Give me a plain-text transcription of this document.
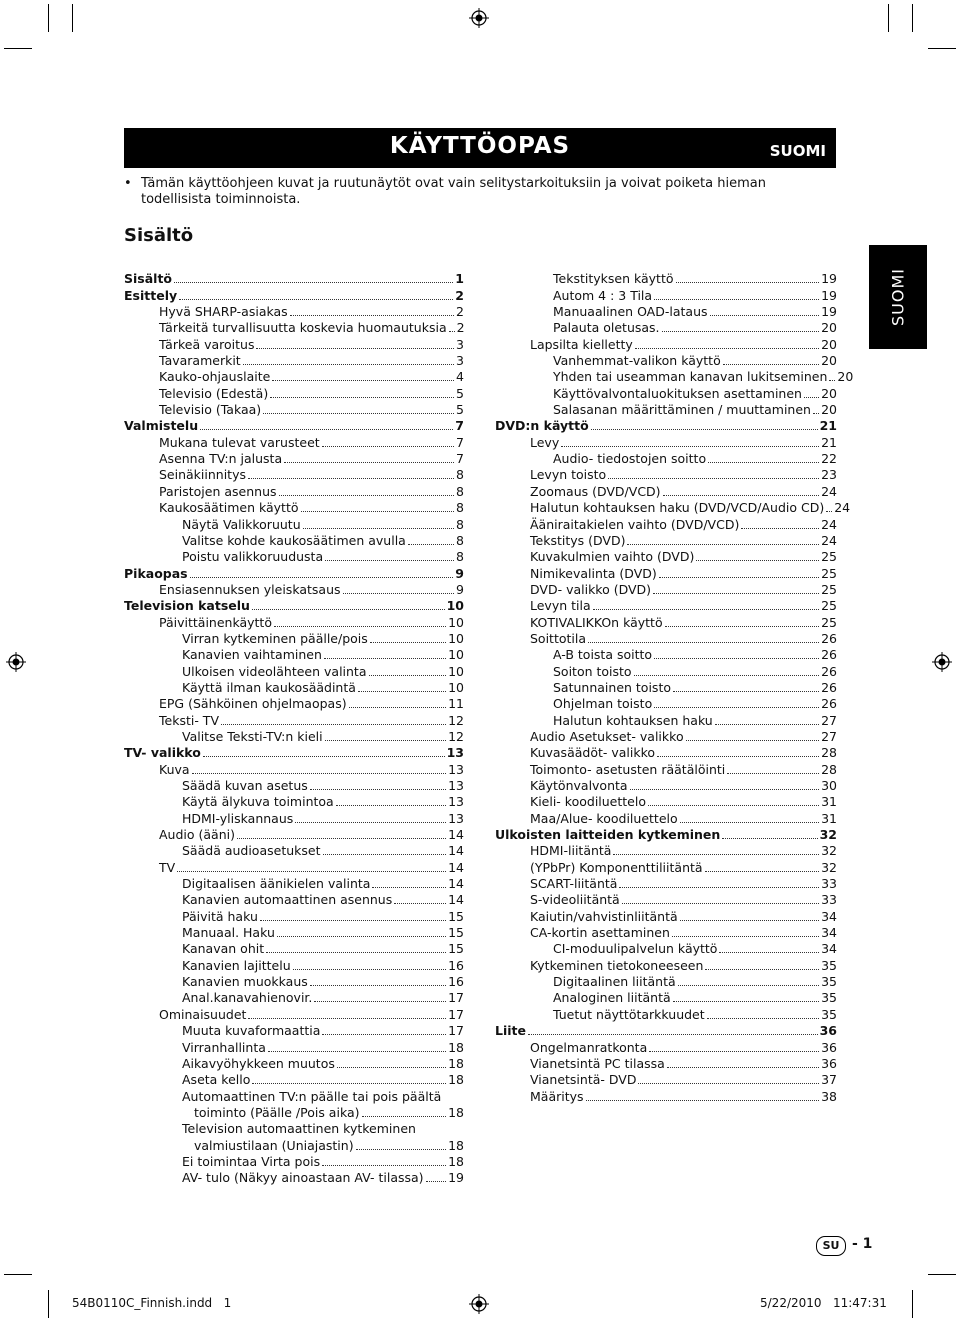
KÄYTTÖOPAS	SUOMI
• Tämän käyttöohjeen kuvat ja ruutunäytöt ovat vain selitystarkoituksiin ja voivat poiketa hieman todellisista toiminnoista.
Sisältö
SUOMI
Sisältö	1
Esittely	2
Hyvä SHARP-asiakas	2
Tärkeitä turvallisuutta koskevia huomautuksia 2
Tärkeä varoitus	3
Tavaramerkit	3
Kauko-ohjauslaite	4
Televisio (Edestä)	5
Televisio (Takaa)	5
Valmistelu	7
Mukana tulevat varusteet	7
Asenna TV:n jalusta	7
Seinäkiinnitys	8
Paristojen asennus	8
Kaukosäätimen käyttö	8
Näytä Valikkoruutu	8
Valitse kohde kaukosäätimen avulla	8
Poistu valikkoruudusta	8
Pikaopas	9
Ensiasennuksen yleiskatsaus	9
Television katselu	10
Päivittäinenkäyttö	10
Virran kytkeminen päälle/pois	10
Kanavien vaihtaminen	10
Ulkoisen videolähteen valinta	10
Käyttä ilman kaukosäädintä	10
EPG (Sähköinen ohjelmaopas)	11
Teksti- TV	12
Valitse Teksti-TV:n kieli	12
TV- valikko	13
Kuva	13
Säädä kuvan asetus	13
Käytä älykuva toimintoa	13
HDMI-yliskannaus	13
Audio (ääni)	14
Säädä audioasetukset	14
TV	14
Digitaalisen äänikielen valinta	14
Kanavien automaattinen asennus	14
Päivitä haku	15
Manuaal. Haku	15
Kanavan ohit	15
Kanavien lajittelu	16
Kanavien muokkaus	16
Anal.kanavahienovir.	17
Ominaisuudet	17
Muuta kuvaformaattia	17
Virranhallinta	18
Aikavyöhykkeen muutos	18
Aseta kello	18
Automaattinen TV:n päälle tai pois päältä
toiminto (Päälle /Pois aika)	18
Television automaattinen kytkeminen
valmiustilaan (Uniajastin)	18
Ei toimintaa Virta pois	18
AV- tulo (Näkyy ainoastaan AV- tilassa) 19
Tekstityksen käyttö	19
Autom 4 : 3 Tila	19
Manuaalinen OAD-lataus	19
Palauta oletusas.	20
Lapsilta kielletty	20
Vanhemmat-valikon käyttö	20
Yhden tai useamman kanavan lukitseminen 20
Käyttövalvontaluokituksen asettaminen 20
Salasanan määrittäminen / muuttaminen 20
DVD:n käyttö	21
Levy	21
Audio- tiedostojen soitto	22
Levyn toisto	23
Zoomaus (DVD/VCD)	24
Halutun kohtauksen haku (DVD/VCD/Audio CD) 24
Ääniraitakielen vaihto (DVD/VCD)	24
Tekstitys (DVD)	24
Kuvakulmien vaihto (DVD)	25
Nimikevalinta (DVD)	25
DVD- valikko (DVD)	25
Levyn tila	25
KOTIVALIKKOn käyttö	25
Soittotila	26
A-B toista soitto	26
Soiton toisto	26
Satunnainen toisto	26
Ohjelman toisto	26
Halutun kohtauksen haku	27
Audio Asetukset- valikko	27
Kuvasäädöt- valikko	28
Toimonto- asetusten räätälöinti	28
Käytönvalvonta	30
Kieli- koodiluettelo	31
Maa/Alue- koodiluettelo	31
Ulkoisten laitteiden kytkeminen	32
HDMI-liitäntä	32
(YPbPr) Komponenttiliitäntä	32
SCART-liitäntä	33
S-videoliitäntä	33
Kaiutin/vahvistinliitäntä	34
CA-kortin asettaminen	34
CI-moduulipalvelun käyttö	34
Kytkeminen tietokoneeseen	35
Digitaalinen liitäntä	35
Analoginen liitäntä	35
Tuetut näyttötarkkuudet	35
Liite	36
Ongelmanratkonta	36
Vianetsintä PC tilassa	36
Vianetsintä- DVD	37
Määritys	38
SU - 1
54B0110C_Finnish.indd   1	5/22/2010   11:47:31
